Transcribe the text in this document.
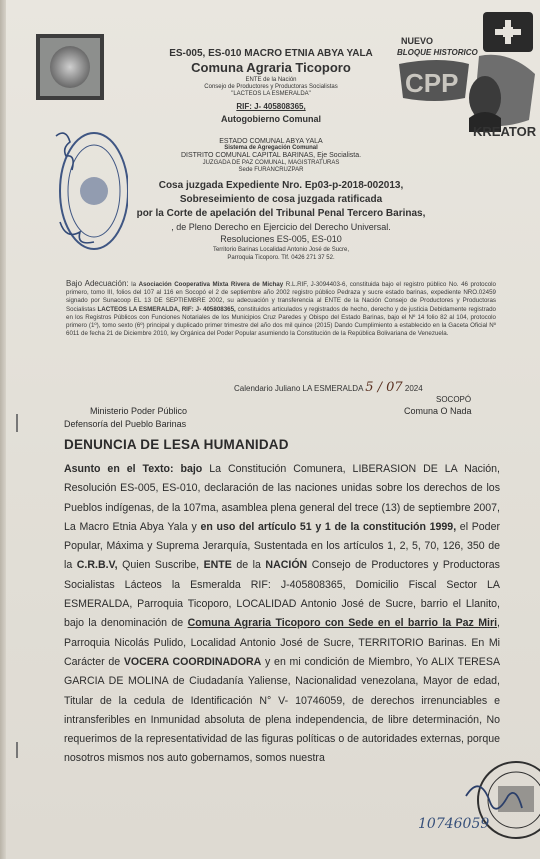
ES-005, ES-010 MACRO ETNIA ABYA YALA
Comuna Agraria Ticoporo
ENTE de la Nación
Consejo de Productores y Productoras Socialistas
"LACTEOS LA ESMERALDA"
RIF: J- 405808365,
Autogobierno Comunal
NUEVO
BLOQUE HISTORICO
CPP
KREATOR
ESTADO COMUNAL ABYA YALA
Sistema de Agregación Comunal
DISTRITO COMUNAL CAPITAL BARINAS, Eje Socialista.
JUZGADA DE PAZ COMUNAL, MAGISTRATURAS
Sede FURANCRUZPAR
Cosa juzgada Expediente Nro. Ep03-p-2018-002013,
Sobreseimiento de cosa juzgada ratificada
por la Corte de apelación del Tribunal Penal Tercero Barinas,
, de Pleno Derecho en Ejercicio del Derecho Universal.
Resoluciones ES-005, ES-010
Territorio Barinas Localidad Antonio José de Sucre,
Parroquia Ticoporo. Tlf. 0426 271 37 52.
Bajo Adecuación: la Asociación Cooperativa Mixta Rivera de Michay R.L.RIF, J-3094403-6, constituida bajo el registro público No. 46 protocolo primero, tomo III, folios del 107 al 116 en Socopó el 2 de septiembre año 2002 registro público Pedraza y sucre estado barinas, expediente NRO.02459 signado por Sunacoop EL 13 DE SEPTIEMBRE 2002, su adecuación y transferencia al ENTE de la Nación Consejo de Productores y Productoras Socialistas LACTEOS LA ESMERALDA, RIF: J- 405808365, constituidos articulados y registrados de hecho, derecho y de justicia Debidamente registrado en los Registros Públicos con Funciones Notariales de los Municipios Cruz Paredes y Obispo del Estado Barinas, bajo el Nº 14 folio 82 al 104, protocolo primero (1º), tomo sexto (6º) principal y duplicado primer trimestre del año dos mil quince (2015) Dando Cumplimiento a establecido en la Gaceta Oficial Nº 6011 de fecha 21 de Diciembre 2010, ley Orgánica del Poder Popular asumiendo la Constitución de la República Bolivariana de Venezuela.
Calendario Juliano LA ESMERALDA 5 / 07 2024
SOCOPÓ
Ministerio Poder Público
Defensoría del Pueblo Barinas
Comuna O Nada
DENUNCIA DE LESA HUMANIDAD
Asunto en el Texto: bajo La Constitución Comunera, LIBERASION DE LA Nación, Resolución ES-005, ES-010, declaración de las naciones unidas sobre los derechos de los Pueblos indígenas, de la 107ma, asamblea plena general del trece (13) de septiembre 2007, La Macro Etnia Abya Yala y en uso del artículo 51 y 1 de la constitución 1999, el Poder Popular, Máxima y Suprema Jerarquía, Sustentada en los artículos 1, 2, 5, 70, 126, 350 de la C.R.B.V, Quien Suscribe, ENTE de la NACIÓN Consejo de Productores y Productoras Socialistas Lácteos la Esmeralda RIF: J-405808365, Domicilio Fiscal Sector LA ESMERALDA, Parroquia Ticoporo, LOCALIDAD Antonio José de Sucre, barrio el Llanito, bajo la denominación de Comuna Agraria Ticoporo con Sede en el barrio la Paz Miri, Parroquia Nicolás Pulido, Localidad Antonio José de Sucre, TERRITORIO Barinas. En Mi Carácter de VOCERA COORDINADORA y en mi condición de Miembro, Yo ALIX TERESA GARCIA DE MOLINA de Ciudadanía Yaliense, Nacionalidad venezolana, Mayor de edad, Titular de la cedula de Identificación N° V- 10746059, de derechos irrenunciables e intransferibles en Inmunidad absoluta de plena independencia, de libre determinación, No requerimos de la representatividad de las figuras políticas o de autoridades externas, porque nosotros mismos nos auto gobernamos, somos nuestra
10746059
